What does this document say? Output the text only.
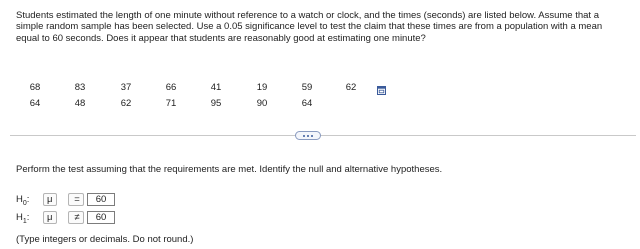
Students estimated the length of one minute without reference to a watch or clock, and the times (seconds) are listed below. Assume that a simple random sample has been selected. Use a 0.05 significance level to test the claim that these times are from a population with a mean equal to 60 seconds. Does it appear that students are reasonably good at estimating one minute?
68	83	37	66	41	19	59	62
64	48	62	71	95	90	64
Perform the test assuming that the requirements are met. Identify the null and alternative hypotheses.
$H_0$: μ =	60
$H_1$: μ ≠	60
(Type integers or decimals. Do not round.)
